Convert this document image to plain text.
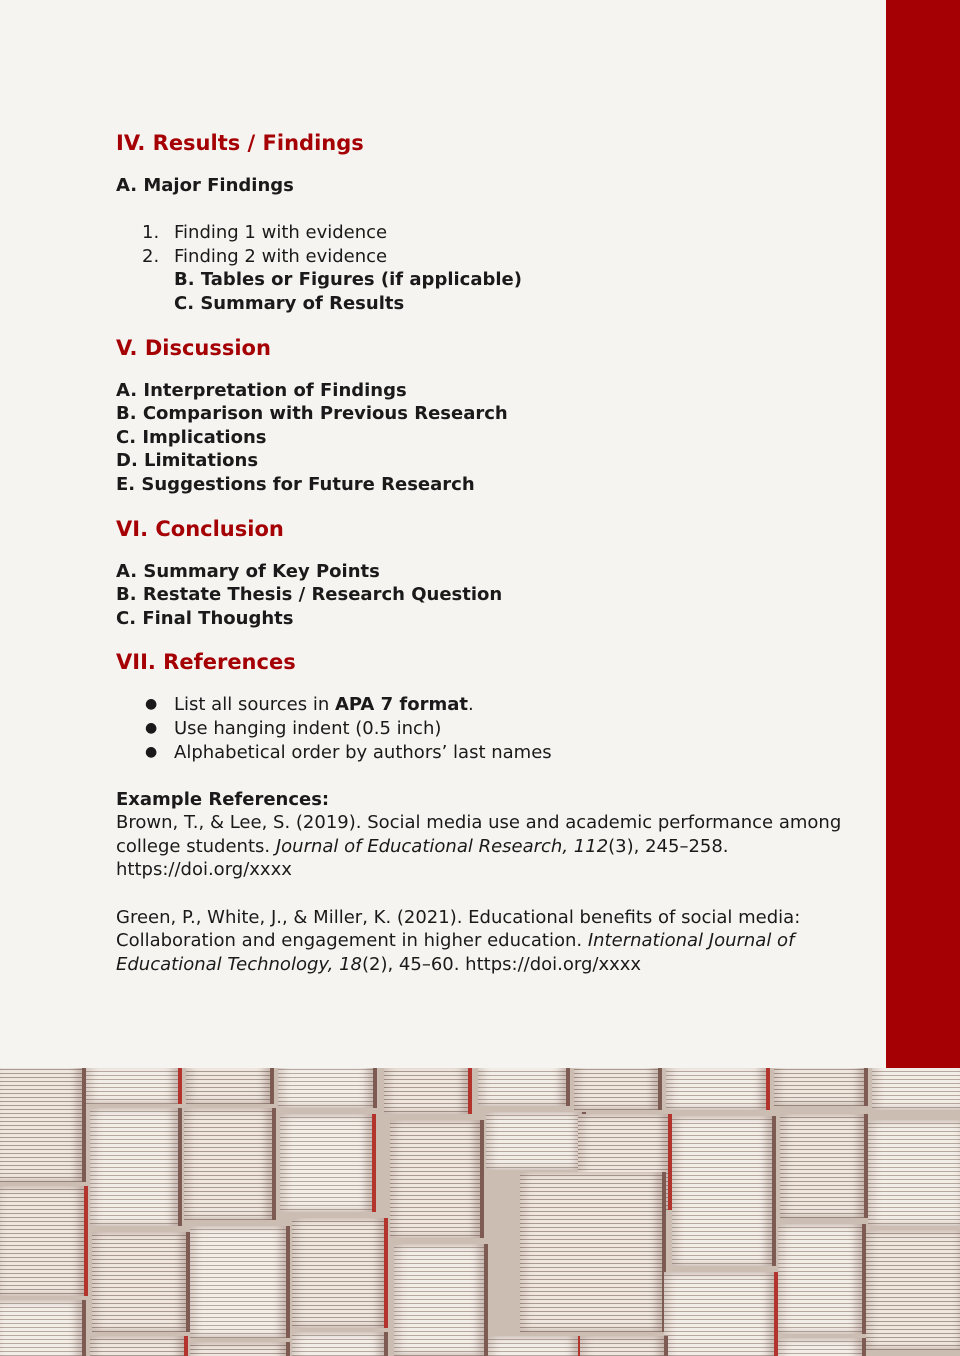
IV. Results / Findings

A. Major Findings

1. Finding 1 with evidence
2. Finding 2 with evidence

B. Tables or Figures (if applicable)

C. Summary of Results

V. Discussion

A. Interpretation of Findings

B. Comparison with Previous Research

C. Implications

D. Limitations

E. Suggestions for Future Research

VI. Conclusion

A. Summary of Key Points

B. Restate Thesis / Research Question

C. Final Thoughts

VII. References
● List all sources in APA 7 format.
● Use hanging indent (0.5 inch)
● Alphabetical order by authors’ last names

Example References:

Brown, T., & Lee, S. (2019). Social media use and academic performance among college students. Journal of Educational Research, 112(3), 245–258. https://doi.org/xxxx

Green, P., White, J., & Miller, K. (2021). Educational benefits of social media: Collaboration and engagement in higher education. International Journal of Educational Technology, 18(2), 45–60. https://doi.org/xxxx
